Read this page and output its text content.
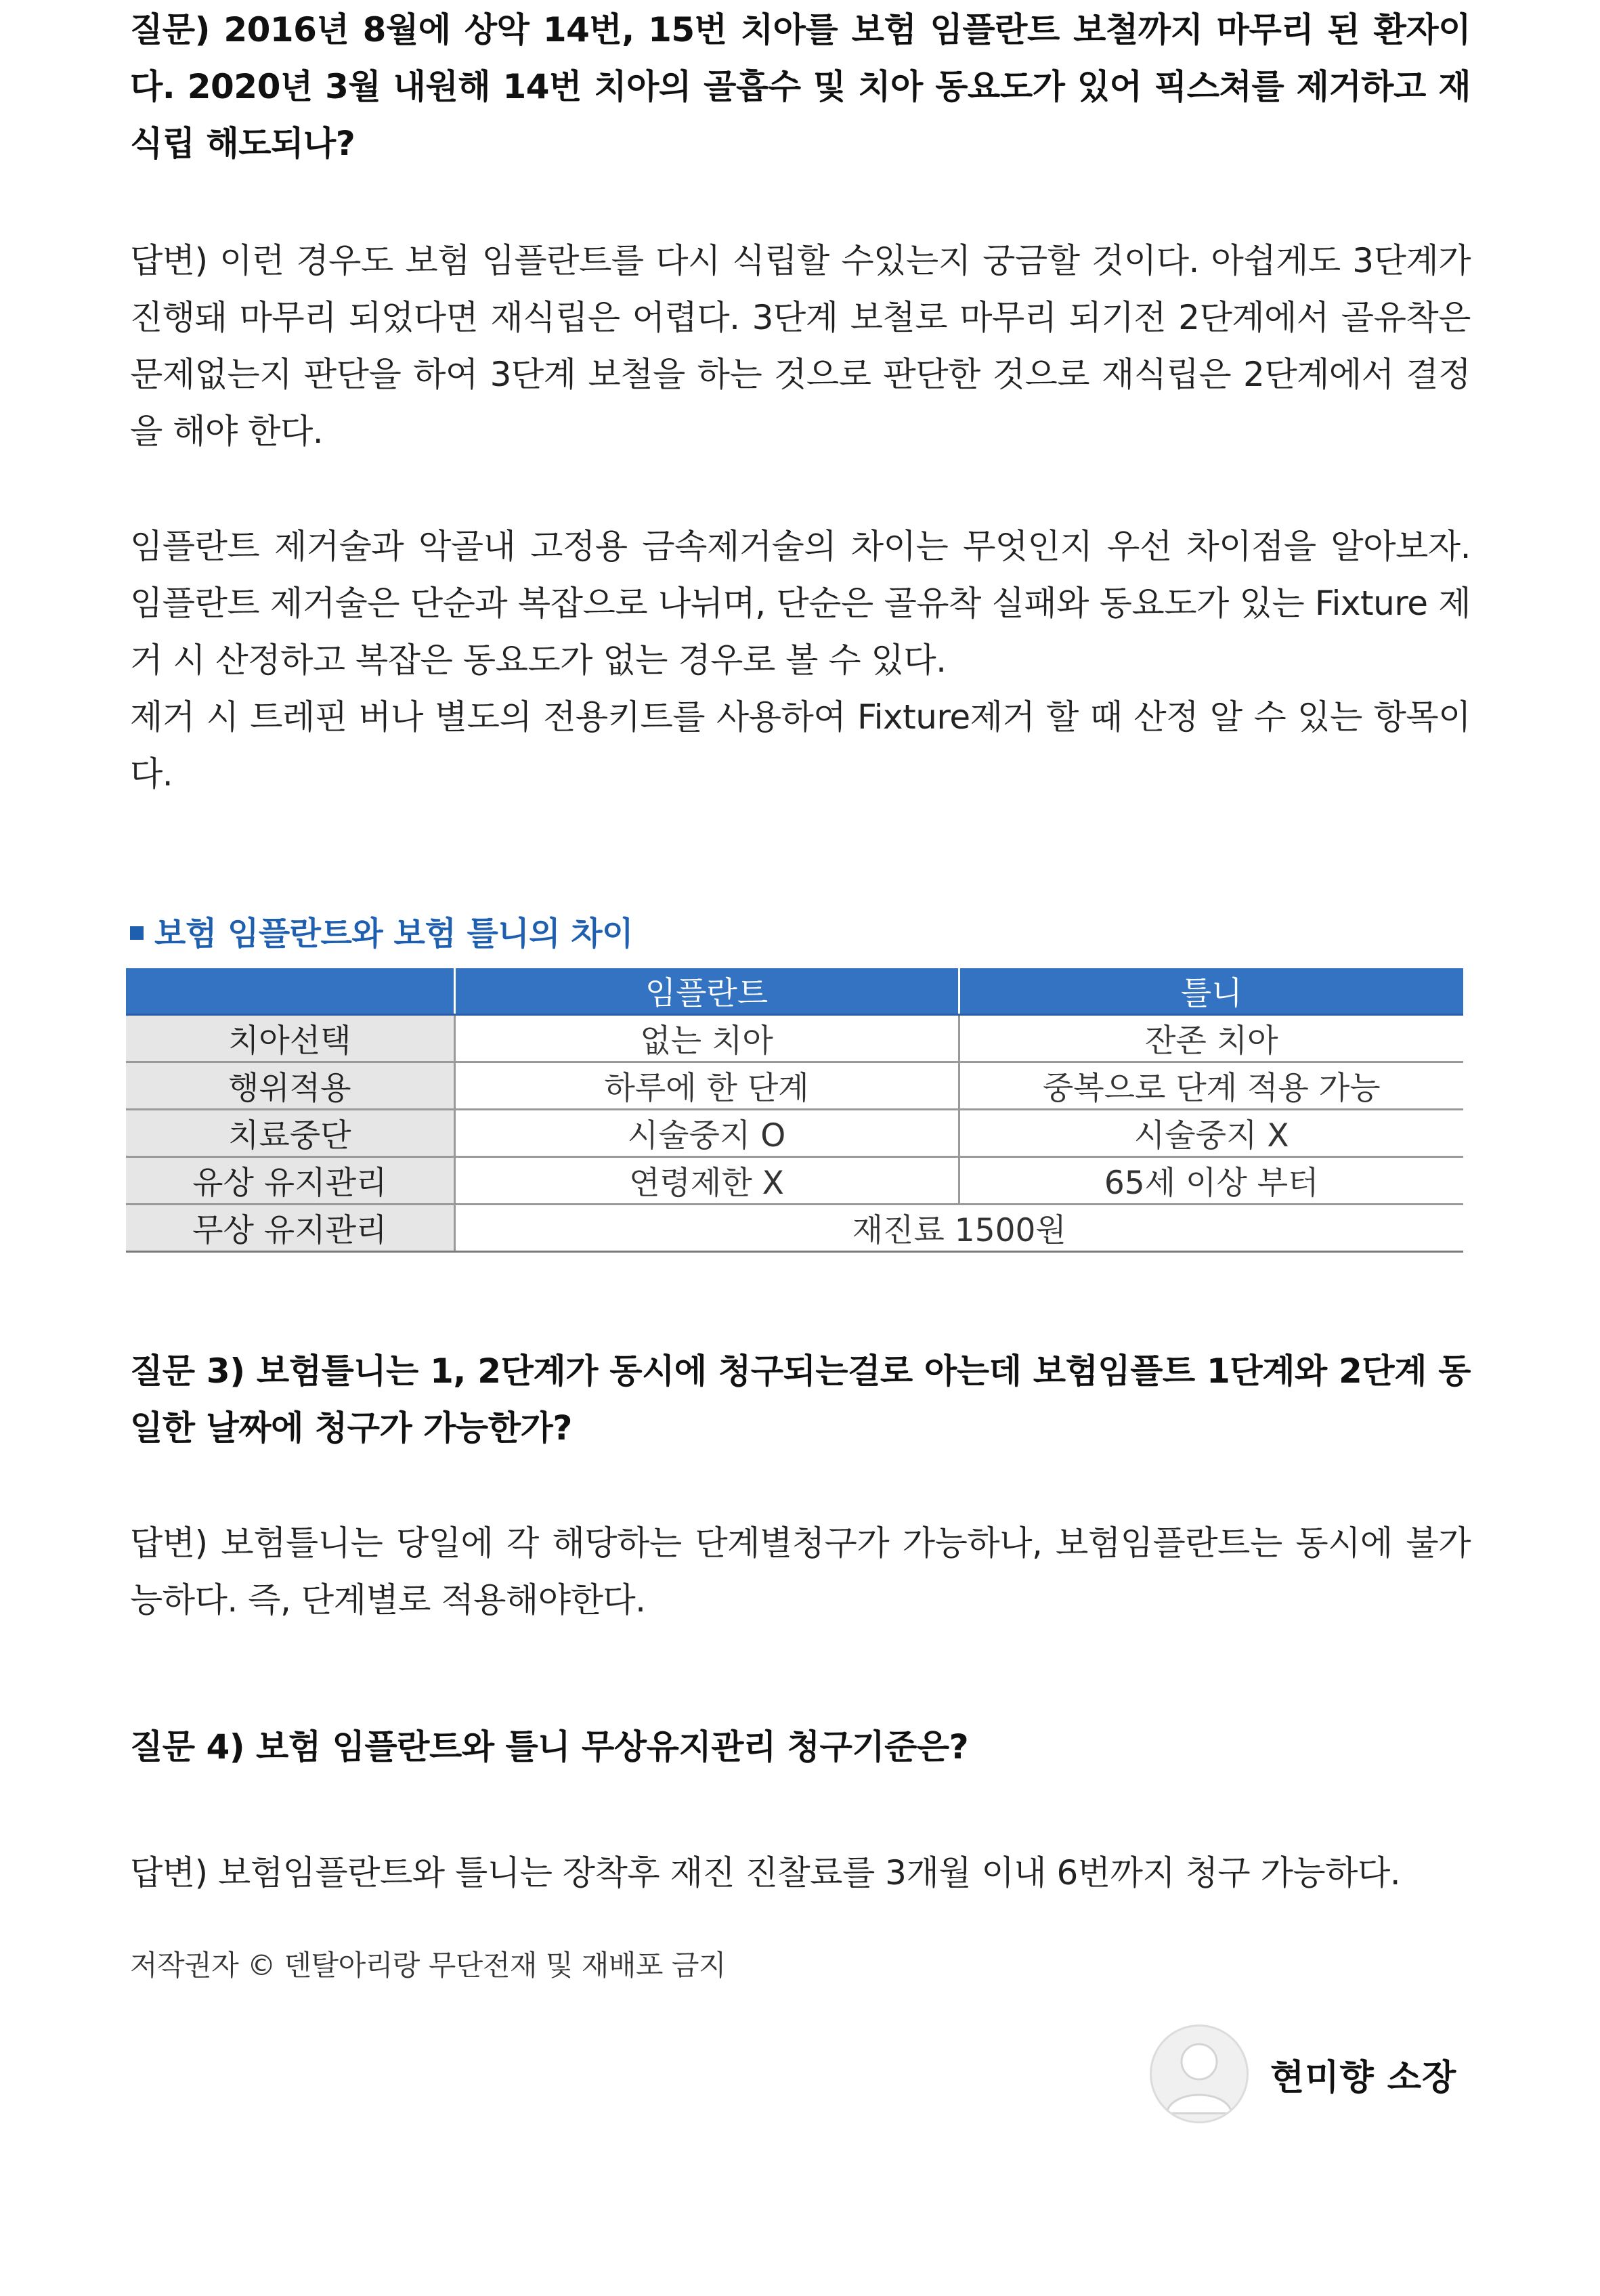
질문) 2016년 8월에 상악 14번, 15번 치아를 보험 임플란트 보철까지 마무리 된 환자이다. 2020년 3월 내원해 14번 치아의 골흡수 및 치아 동요도가 있어 픽스쳐를 제거하고 재식립 해도되나?

답변) 이런 경우도 보험 임플란트를 다시 식립할 수있는지 궁금할 것이다. 아쉽게도 3단계가 진행돼 마무리 되었다면 재식립은 어렵다. 3단계 보철로 마무리 되기전 2단계에서 골유착은 문제없는지 판단을 하여 3단계 보철을 하는 것으로 판단한 것으로 재식립은 2단계에서 결정을 해야 한다.

임플란트 제거술과 악골내 고정용 금속제거술의 차이는 무엇인지 우선 차이점을 알아보자. 임플란트 제거술은 단순과 복잡으로 나뉘며, 단순은 골유착 실패와 동요도가 있는 Fixture 제거 시 산정하고 복잡은 동요도가 없는 경우로 볼 수 있다.

제거 시 트레핀 버나 별도의 전용키트를 사용하여 Fixture제거 할 때 산정 알 수 있는 항목이다.

보험 임플란트와 보험 틀니의 차이
	임플란트	틀니
치아선택	없는 치아	잔존 치아
행위적용	하루에 한 단계	중복으로 단계 적용 가능
치료중단	시술중지 O	시술중지 X
유상 유지관리	연령제한 X	65세 이상 부터
무상 유지관리	재진료 1500원	

질문 3) 보험틀니는 1, 2단계가 동시에 청구되는걸로 아는데 보험임플트 1단계와 2단계 동일한 날짜에 청구가 가능한가?

답변) 보험틀니는 당일에 각 해당하는 단계별청구가 가능하나, 보험임플란트는 동시에 불가능하다. 즉, 단계별로 적용해야한다.

질문 4) 보험 임플란트와 틀니 무상유지관리 청구기준은?

답변) 보험임플란트와 틀니는 장착후 재진 진찰료를 3개월 이내 6번까지 청구 가능하다.

저작권자 © 덴탈아리랑 무단전재 및 재배포 금지
현미향 소장
